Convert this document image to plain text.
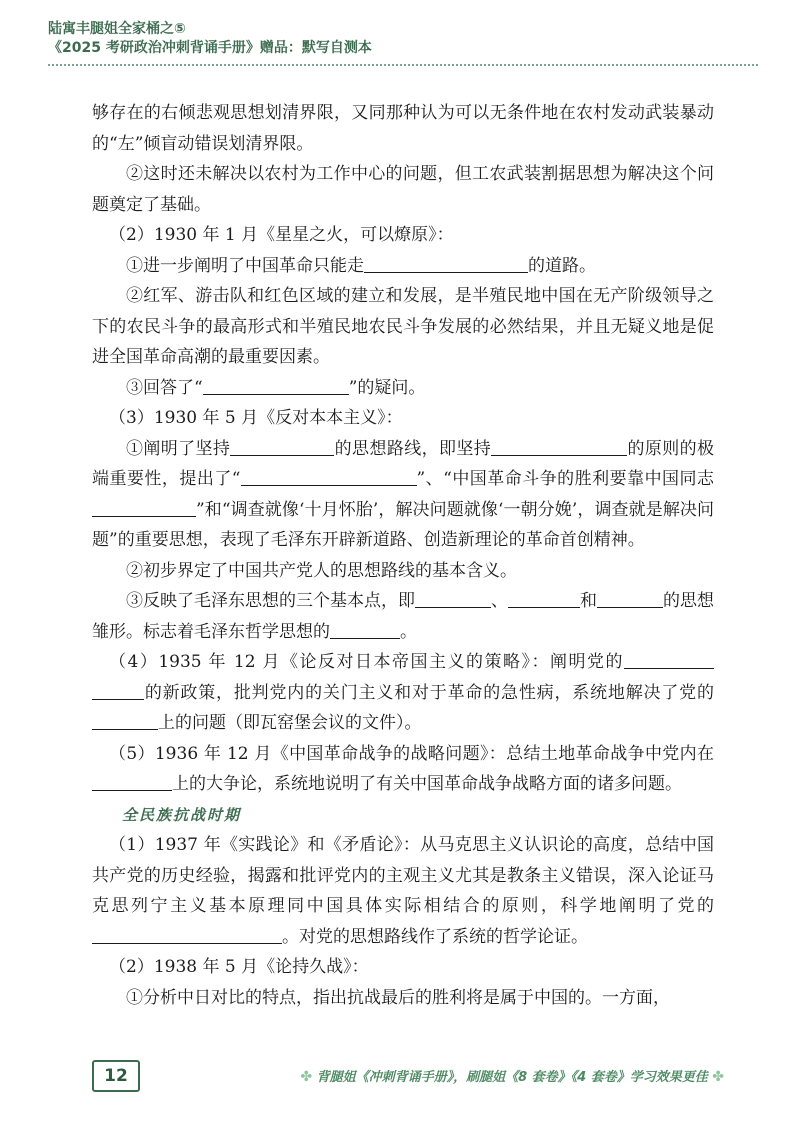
陆寓丰腿姐全家桶之⑤
《2025 考研政治冲刺背诵手册》赠品：默写自测本

够存在的右倾悲观思想划清界限，又同那种认为可以无条件地在农村发动武装暴动的“左”倾盲动错误划清界限。

②这时还未解决以农村为工作中心的问题，但工农武装割据思想为解决这个问题奠定了基础。

（2）1930 年 1 月《星星之火，可以燎原》：

①进一步阐明了中国革命只能走	的道路。

②红军、游击队和红色区域的建立和发展，是半殖民地中国在无产阶级领导之下的农民斗争的最高形式和半殖民地农民斗争发展的必然结果，并且无疑义地是促进全国革命高潮的最重要因素。

③回答了“	”的疑问。

（3）1930 年 5 月《反对本本主义》：

①阐明了坚持	的思想路线，即坚持	的原则的极端重要性，提出了“	”、“中国革命斗争的胜利要靠中国同志”和“调查就像‘十月怀胎’，解决问题就像‘一朝分娩’，调查就是解决问题”的重要思想，表现了毛泽东开辟新道路、创造新理论的革命首创精神。

②初步界定了中国共产党人的思想路线的基本含义。

③反映了毛泽东思想的三个基本点，即	、	和	的思想雏形。标志着毛泽东哲学思想的	。

（4）1935 年 12 月《论反对日本帝国主义的策略》：阐明党的的新政策，批判党内的关门主义和对于革命的急性病，系统地解决了党的上的问题（即瓦窑堡会议的文件）。

（5）1936 年 12 月《中国革命战争的战略问题》：总结土地革命战争中党内在上的大争论，系统地说明了有关中国革命战争战略方面的诸多问题。

全民族抗战时期

（1）1937 年《实践论》和《矛盾论》：从马克思主义认识论的高度，总结中国共产党的历史经验，揭露和批评党内的主观主义尤其是教条主义错误，深入论证马克思列宁主义基本原理同中国具体实际相结合的原则，科学地阐明了党的。对党的思想路线作了系统的哲学论证。

（2）1938 年 5 月《论持久战》：

①分析中日对比的特点，指出抗战最后的胜利将是属于中国的。一方面，

12	✤ 背腿姐《冲刺背诵手册》，刷腿姐《8 套卷》《4 套卷》学习效果更佳 ✤
